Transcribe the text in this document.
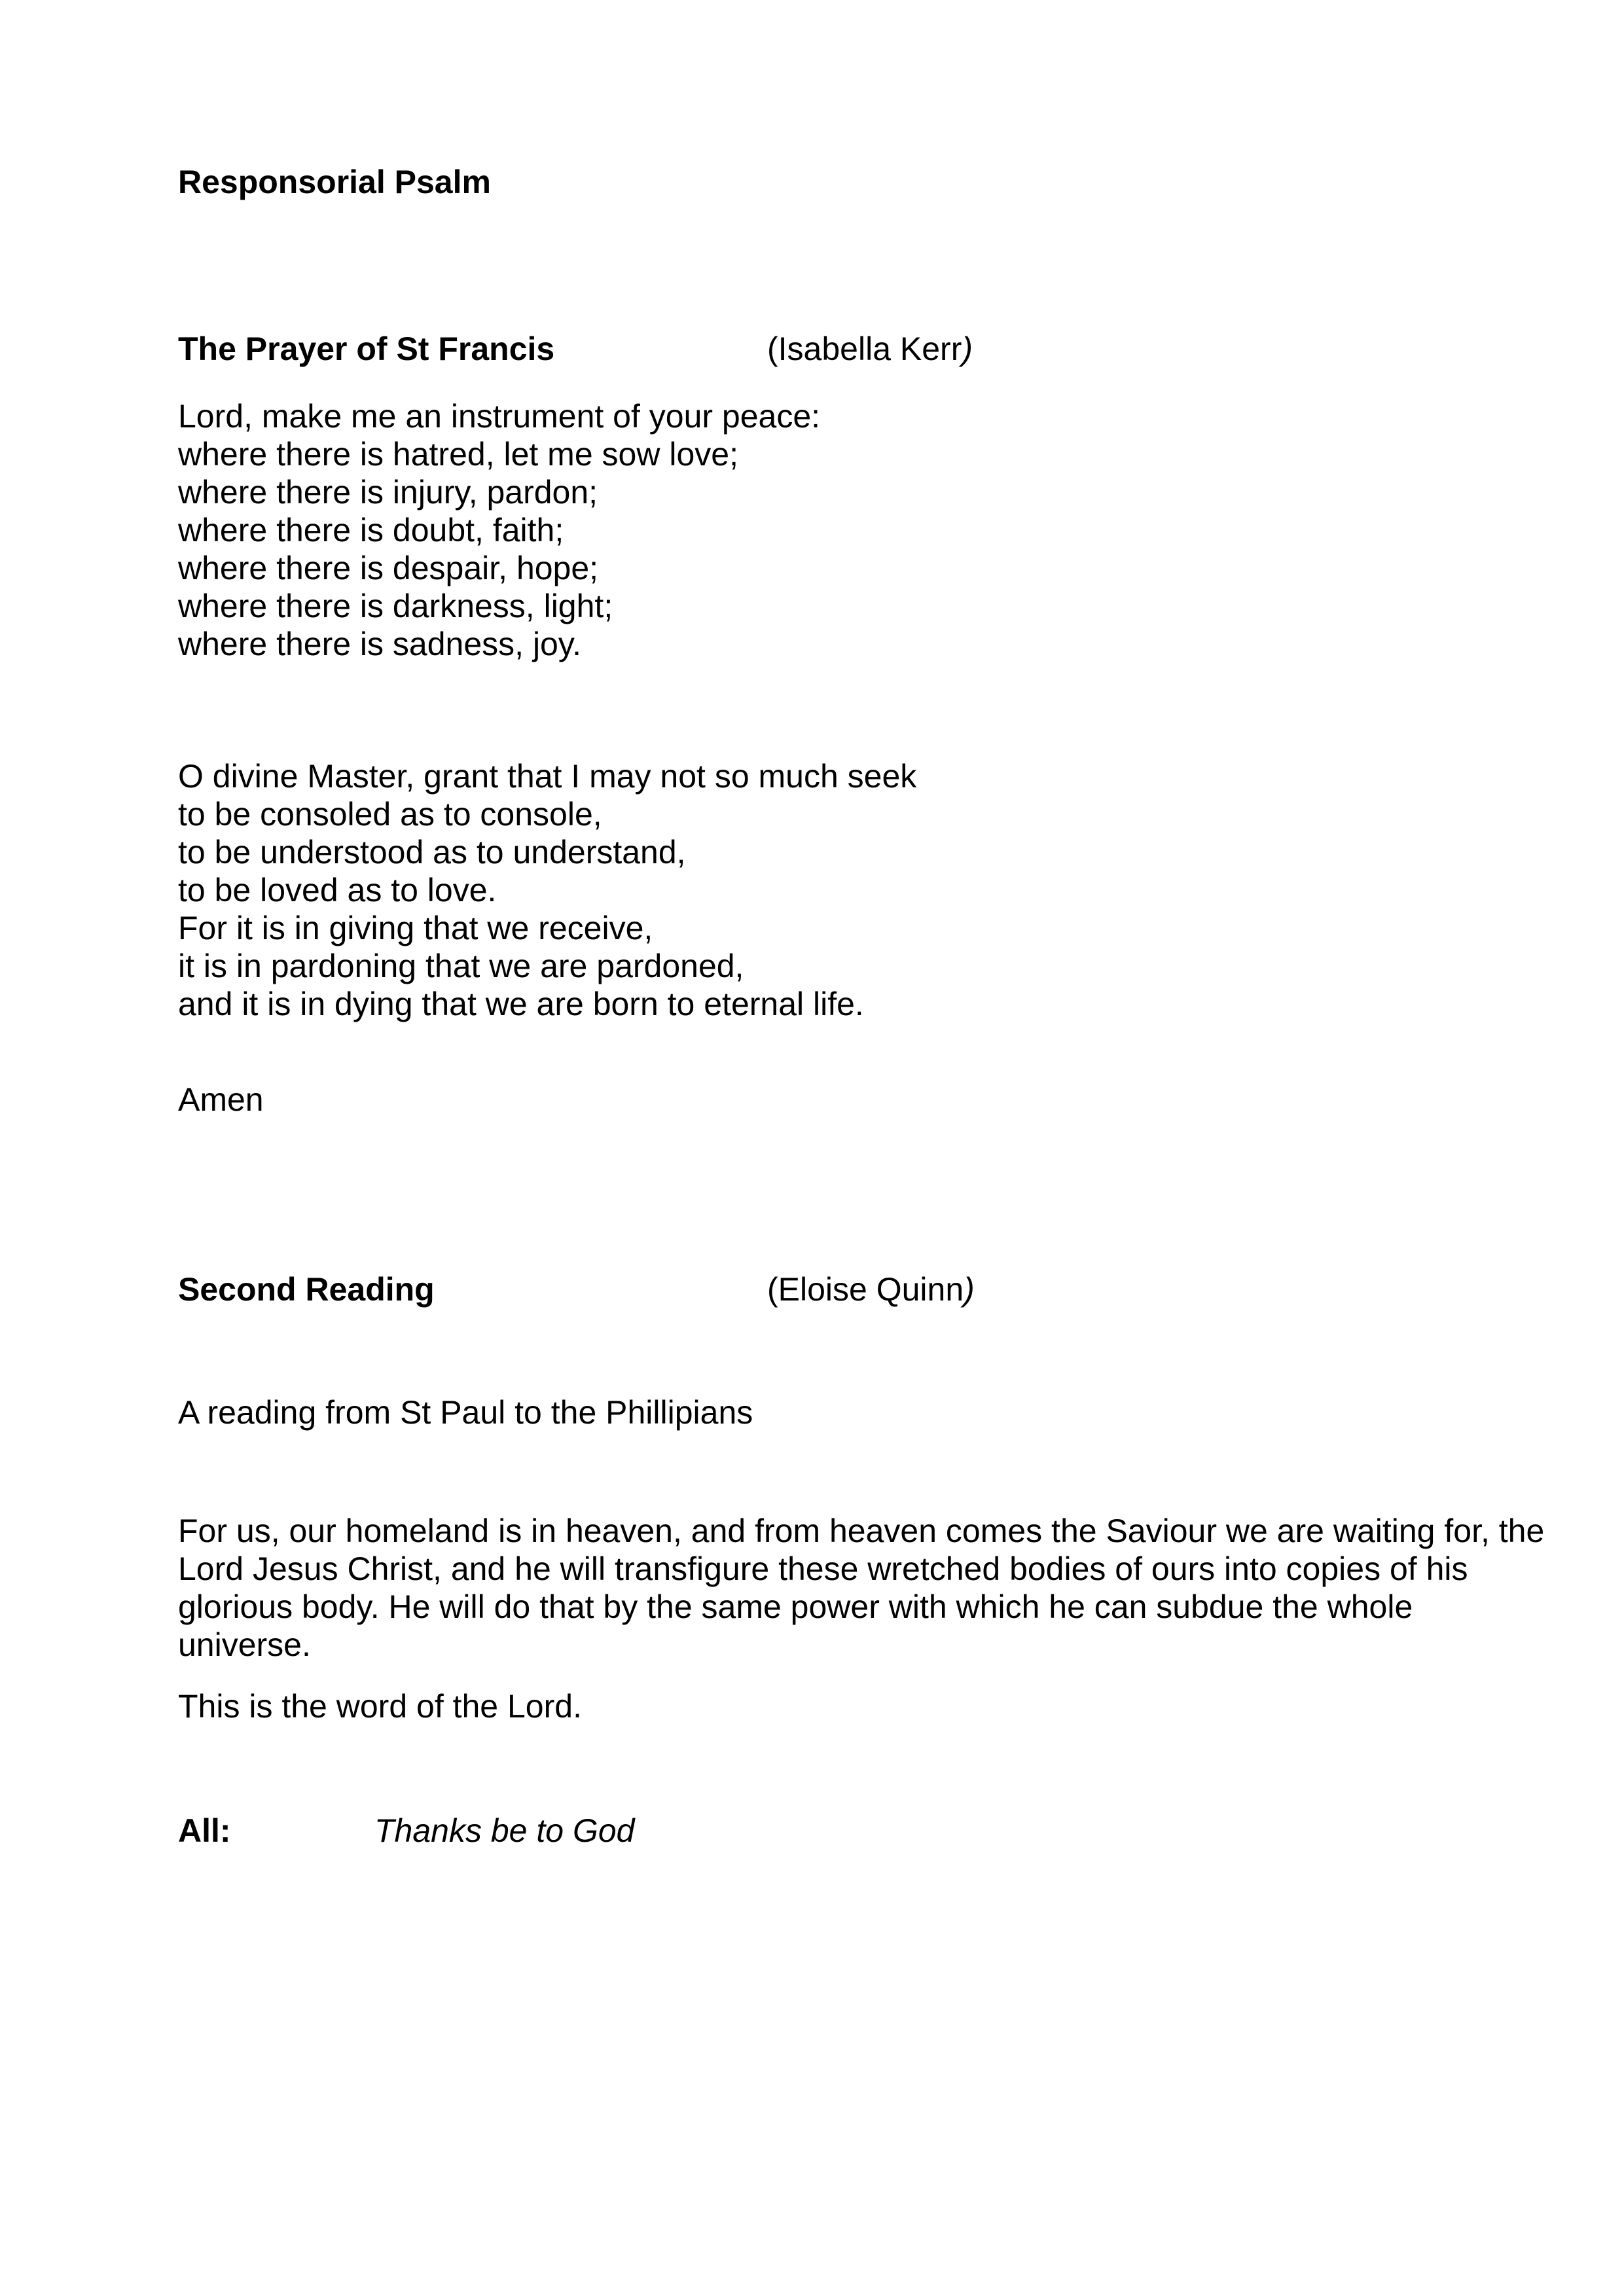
Responsorial Psalm

The Prayer of St Francis	(Isabella Kerr)
Lord, make me an instrument of your peace:
where there is hatred, let me sow love;
where there is injury, pardon;
where there is doubt, faith;
where there is despair, hope;
where there is darkness, light;
where there is sadness, joy.
O divine Master, grant that I may not so much seek
to be consoled as to console,
to be understood as to understand,
to be loved as to love.
For it is in giving that we receive,
it is in pardoning that we are pardoned,
and it is in dying that we are born to eternal life.

Amen

Second Reading	(Eloise Quinn)

A reading from St Paul to the Phillipians

For us, our homeland is in heaven, and from heaven comes the Saviour we are waiting for, the
Lord Jesus Christ, and he will transfigure these wretched bodies of ours into copies of his
glorious body. He will do that by the same power with which he can subdue the whole
universe.

This is the word of the Lord.

All:	Thanks be to God
